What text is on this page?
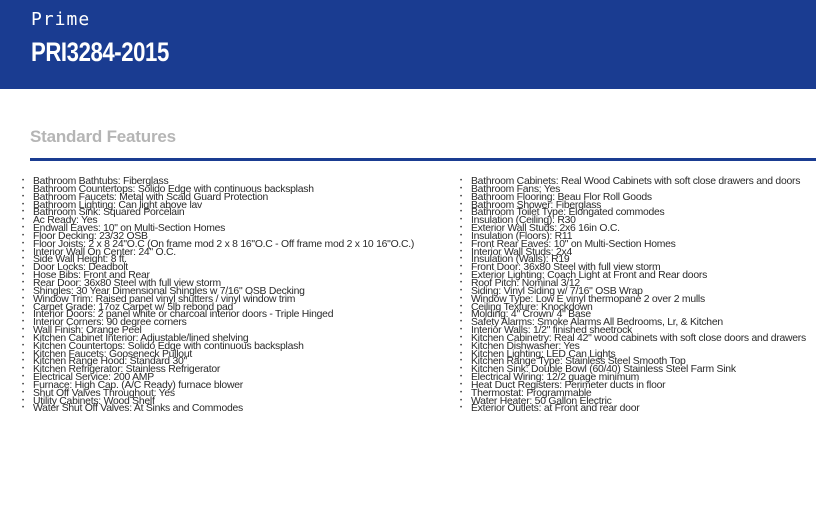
Prime
PRI3284-2015
Standard Features
• Bathroom Bathtubs: Fiberglass
• Bathroom Countertops: Solido Edge with continuous backsplash
• Bathroom Faucets: Metal with Scald Guard Protection
• Bathroom Lighting: Can light above lav
• Bathroom Sink: Squared Porcelain
• Ac Ready: Yes
• Endwall Eaves: 10" on Multi-Section Homes
• Floor Decking: 23/32 OSB
• Floor Joists: 2 x 8 24"O.C (On frame mod 2 x 8 16"O.C - Off frame mod 2 x 10 16"O.C.)
• Interior Wall On Center: 24" O.C.
• Side Wall Height: 8 ft.
• Door Locks: Deadbolt
• Hose Bibs: Front and Rear
• Rear Door: 36x80 Steel with full view storm
• Shingles: 30 Year Dimensional Shingles w 7/16" OSB Decking
• Window Trim: Raised panel vinyl shutters / vinyl window trim
• Carpet Grade: 17oz Carpet w/ 5lb rebond pad
• Interior Doors: 2 panel white or charcoal interior doors - Triple Hinged
• Interior Corners: 90 degree corners
• Wall Finish: Orange Peel
• Kitchen Cabinet Interior: Adjustable/lined shelving
• Kitchen Countertops: Solido Edge with continuous backsplash
• Kitchen Faucets: Gooseneck Pullout
• Kitchen Range Hood: Standard 30"
• Kitchen Refrigerator: Stainless Refrigerator
• Electrical Service: 200 AMP
• Furnace: High Cap. (A/C Ready) furnace blower
• Shut Off Valves Throughout: Yes
• Utility Cabinets: Wood Shelf
• Water Shut Off Valves: At Sinks and Commodes
• Bathroom Cabinets: Real Wood Cabinets with soft close drawers and doors
• Bathroom Fans: Yes
• Bathroom Flooring: Beau Flor Roll Goods
• Bathroom Shower: Fiberglass
• Bathroom Toilet Type: Elongated commodes
• Insulation (Ceiling): R30
• Exterior Wall Studs: 2x6 16in O.C.
• Insulation (Floors): R11
• Front Rear Eaves: 10" on Multi-Section Homes
• Interior Wall Studs: 2x4
• Insulation (Walls): R19
• Front Door: 36x80 Steel with full view storm
• Exterior Lighting: Coach Light at Front and Rear doors
• Roof Pitch: Nominal 3/12
• Siding: Vinyl Siding w/ 7/16" OSB Wrap
• Window Type: Low E vinyl thermopane 2 over 2 mulls
• Ceiling Texture: Knockdown
• Molding: 4" Crown/ 4" Base
• Safety Alarms: Smoke Alarms All Bedrooms, Lr, & Kitchen
• Interior Walls: 1/2" finished sheetrock
• Kitchen Cabinetry: Real 42" wood cabinets with soft close doors and drawers
• Kitchen Dishwasher: Yes
• Kitchen Lighting: LED Can Lights
• Kitchen Range Type: Stainless Steel Smooth Top
• Kitchen Sink: Double Bowl (60/40) Stainless Steel Farm Sink
• Electrical Wiring: 12/2 guage minimum
• Heat Duct Registers: Perimeter ducts in floor
• Thermostat: Programmable
• Water Heater: 50 Gallon Electric
• Exterior Outlets: at Front and rear door
